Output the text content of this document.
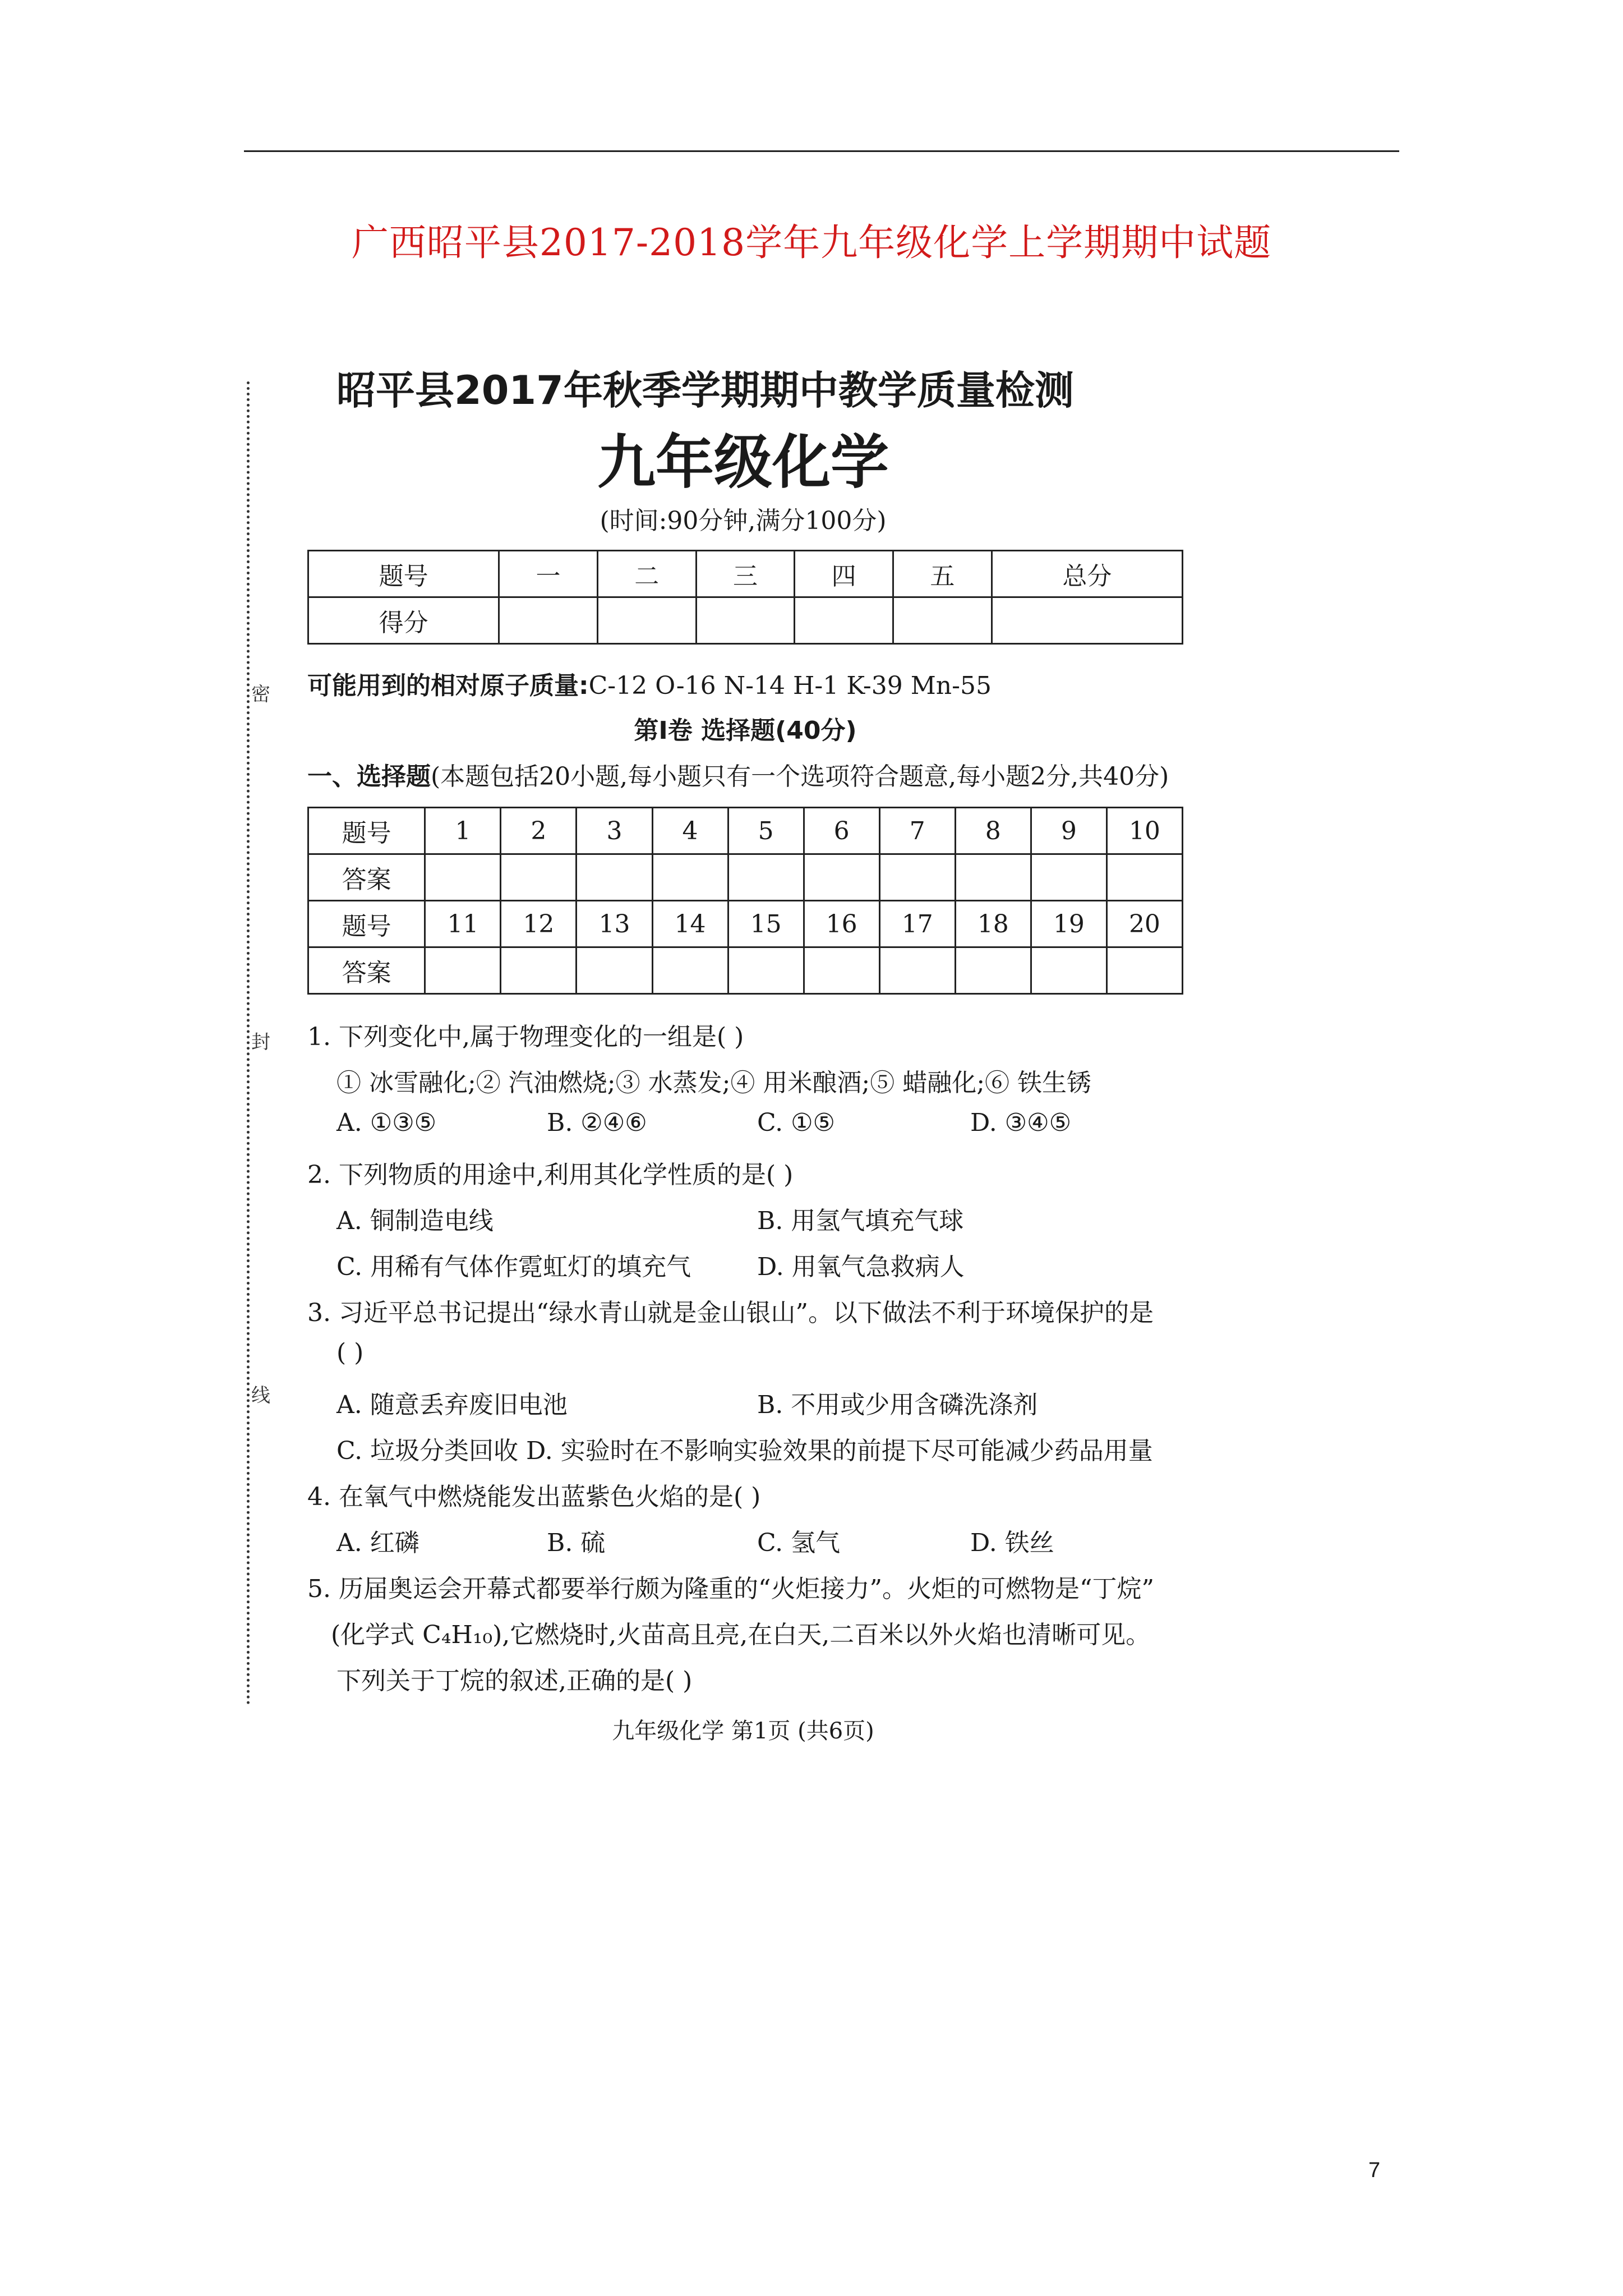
广西昭平县2017-2018学年九年级化学上学期期中试题
密
封
线
昭平县2017年秋季学期期中教学质量检测
九年级化学
(时间:90分钟,满分100分)
题号	一	二	三	四	五	总分
得分						
可能用到的相对原子质量:C-12 O-16 N-14 H-1 K-39 Mn-55
第Ⅰ卷 选择题(40分)
一、选择题(本题包括20小题,每小题只有一个选项符合题意,每小题2分,共40分)
题号	1	2	3	4	5	6	7	8	9	10
答案										
题号	11	12	13	14	15	16	17	18	19	20
答案										
1. 下列变化中,属于物理变化的一组是( )
① 冰雪融化;② 汽油燃烧;③ 水蒸发;④ 用米酿酒;⑤ 蜡融化;⑥ 铁生锈
A. ①③⑤	B. ②④⑥	C. ①⑤	D. ③④⑤
2. 下列物质的用途中,利用其化学性质的是( )
A. 铜制造电线	B. 用氢气填充气球
C. 用稀有气体作霓虹灯的填充气	D. 用氧气急救病人
3. 习近平总书记提出“绿水青山就是金山银山”。以下做法不利于环境保护的是
( )
A. 随意丢弃废旧电池	B. 不用或少用含磷洗涤剂
C. 垃圾分类回收 D. 实验时在不影响实验效果的前提下尽可能减少药品用量
4. 在氧气中燃烧能发出蓝紫色火焰的是( )
A. 红磷	B. 硫	C. 氢气	D. 铁丝
5. 历届奥运会开幕式都要举行颇为隆重的“火炬接力”。火炬的可燃物是“丁烷”
(化学式 C₄H₁₀),它燃烧时,火苗高且亮,在白天,二百米以外火焰也清晰可见。
下列关于丁烷的叙述,正确的是( )
九年级化学 第1页 (共6页)
7
